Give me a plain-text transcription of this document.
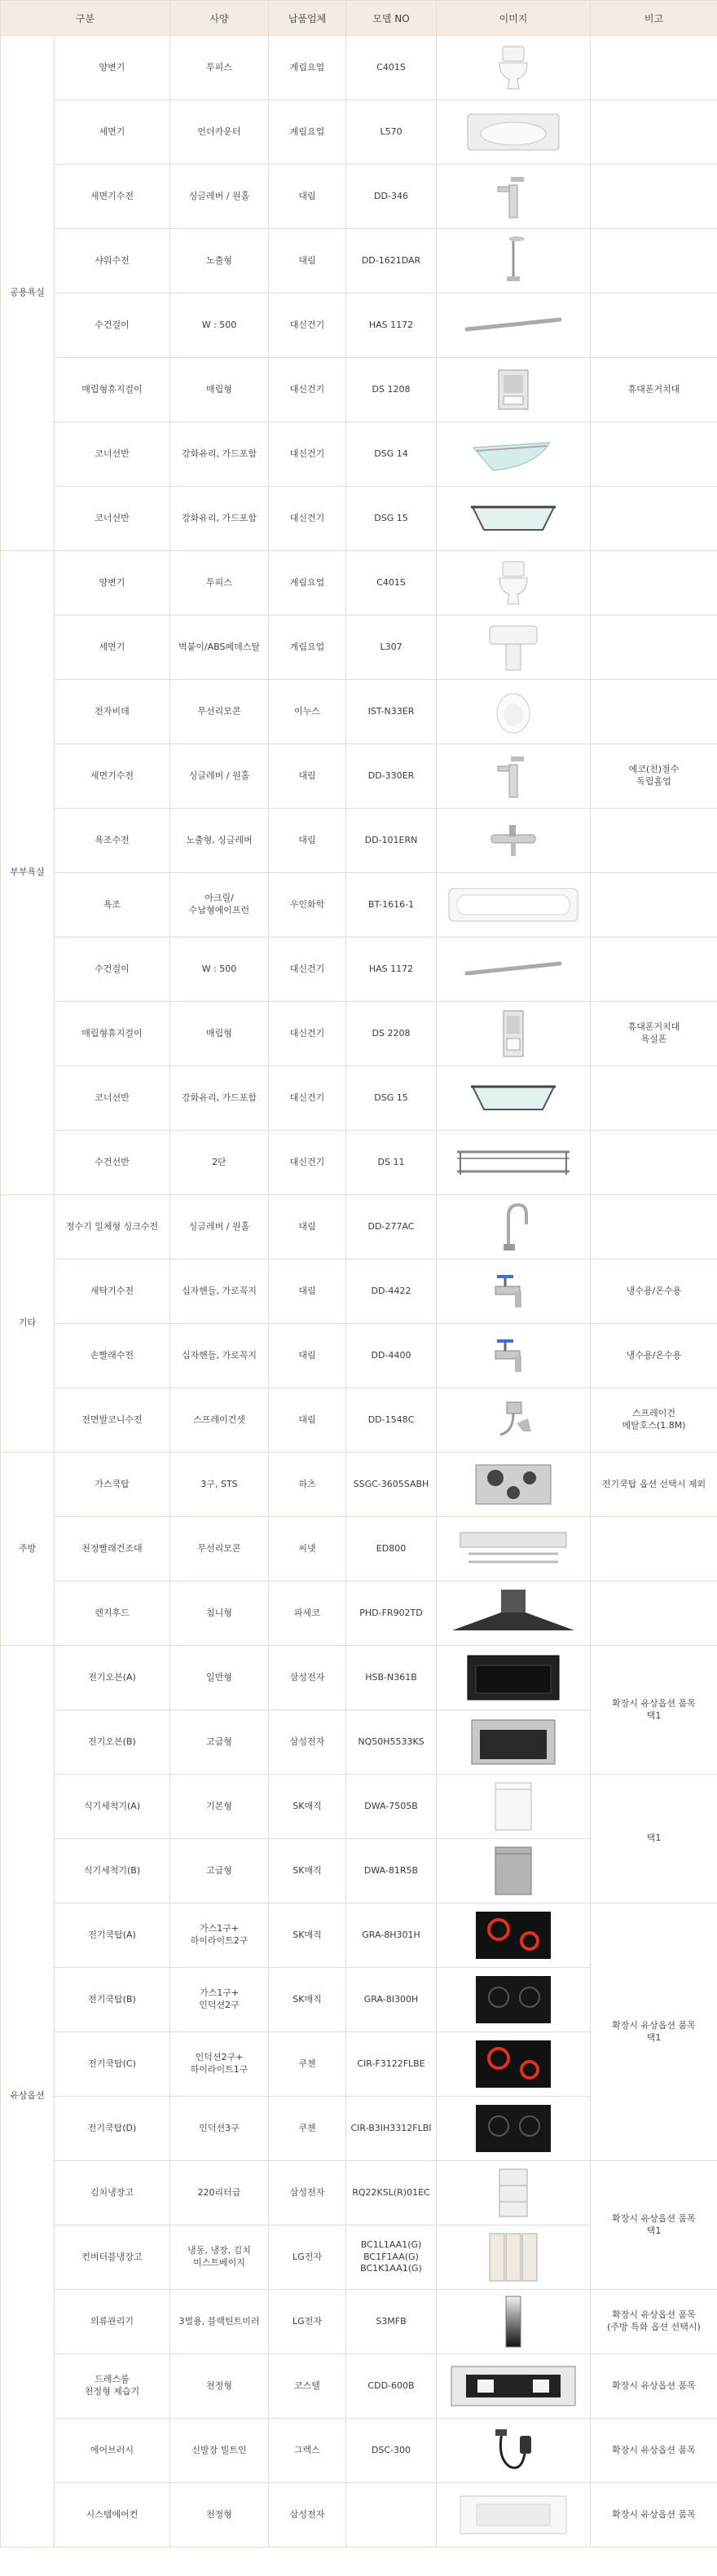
구분		사양	납품업체	모델 NO	이미지	비고
공용욕실	양변기	투피스	계림요업	C401S	

	세면기	언더카운터	계림요업	L570	

	세면기수전	싱글레버 / 원홀	대림	DD-346	

	샤워수전	노출형	대림	DD-1621DAR	

	수건걸이	W : 500	대신건기	HAS 1172	

	매립형휴지걸이	매립형	대신건기	DS 1208		휴대폰거치대
	코너선반	강화유리, 가드포함	대신건기	DSG 14	

	코너선반	강화유리, 가드포함	대신건기	DSG 15	

부부욕실	양변기	투피스	계림요업	C401S	

	세면기	벽붙이/ABS페데스탈	계림요업	L307	

	전자비데	무선리모콘	이누스	IST-N33ER	

	세면기수전	싱글레버 / 원홀	대림	DD-330ER		에코(친)절수
독립홈업
	욕조수전	노출형, 싱글레버	대림	DD-101ERN	

	욕조	아크릴/
수납형에이프런	우인화학	BT-1616-1	

	수건걸이	W : 500	대신건기	HAS 1172	

	매립형휴지걸이	매립형	대신건기	DS 2208		휴대폰거치대
욕실폰
	코너선반	강화유리, 가드포함	대신건기	DSG 15	

	수건선반	2단	대신건기	DS 11	

기타	정수기 일체형 싱크수전	싱글레버 / 원홀	대림	DD-277AC	

	세탁기수전	십자핸들, 가로꼭지	대림	DD-4422		냉수용/온수용
	손빨래수전	십자핸들, 가로꼭지	대림	DD-4400		냉수용/온수용
	전면발코니수전	스프레이건셋	대림	DD-1548C		스프레이건
메탈호스(1.8M)
주방	가스쿡탑	3구, STS	하츠	SSGC-3605SABH		전기쿡탑 옵션 선택시 제외
	천정빨래건조대	무선리모콘	씨넷	ED800	

	렌지후드	침니형	파세코	PHD-FR902TD	

유상옵션	전기오븐(A)	일반형	삼성전자	HSB-N361B		확장시 유상옵션 품목
택1
	전기오븐(B)	고급형	삼성전자	NQ50H5533KS	

	식기세척기(A)	기본형	SK매직	DWA-7505B		택1
	식기세척기(B)	고급형	SK매직	DWA-81R5B	

	전기쿡탑(A)	가스1구+
하이라이트2구	SK매직	GRA-8H301H		확장시 유상옵션 품목
택1
	전기쿡탑(B)	가스1구+
인덕션2구	SK매직	GRA-8I300H	

	전기쿡탑(C)	인덕션2구+
하이라이트1구	쿠첸	CIR-F3122FLBE	

	전기쿡탑(D)	인덕션3구	쿠첸	CIR-B3IH3312FLBI	

	김치냉장고	220리터급	삼성전자	RQ22KSL(R)01EC		확장시 유상옵션 품목
택1
	컨버터블냉장고	냉동, 냉장, 김치
미스트베이지	LG전자	BC1L1AA1(G)
BC1F1AA(G)
BC1K1AA1(G)	

	의류관리기	3벌용, 블랙틴트미러	LG전자	S3MFB		확장시 유상옵션 품목
(주방 특화 옵션 선택시)
	드레스룸
천정형 제습기	천정형	코스텔	CDD-600B		확장시 유상옵션 품목
	에어브러시	신발장 빌트인	그렉스	DSC-300		확장시 유상옵션 품목
	시스템에어컨	천정형	삼성전자			확장시 유상옵션 품목
